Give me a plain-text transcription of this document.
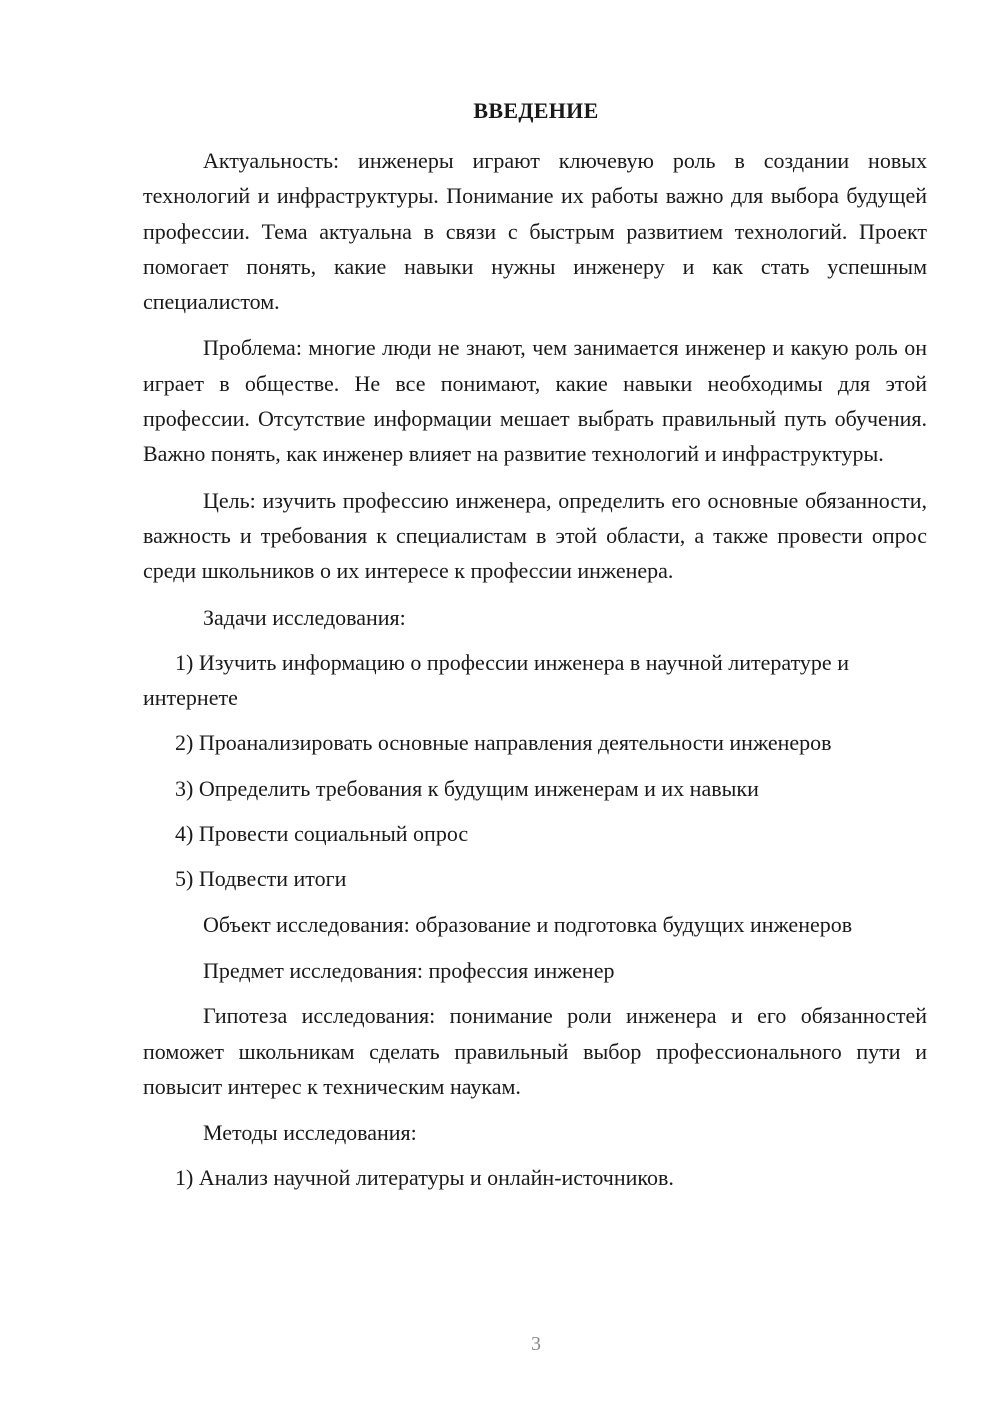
ВВЕДЕНИЕ

Актуальность: инженеры играют ключевую роль в создании новых технологий и инфраструктуры. Понимание их работы важно для выбора будущей профессии. Тема актуальна в связи с быстрым развитием технологий. Проект помогает понять, какие навыки нужны инженеру и как стать успешным специалистом.

Проблема: многие люди не знают, чем занимается инженер и какую роль он играет в обществе. Не все понимают, какие навыки необходимы для этой профессии. Отсутствие информации мешает выбрать правильный путь обучения. Важно понять, как инженер влияет на развитие технологий и инфраструктуры.

Цель: изучить профессию инженера, определить его основные обязанности, важность и требования к специалистам в этой области, а также провести опрос среди школьников о их интересе к профессии инженера.

Задачи исследования:

1) Изучить информацию о профессии инженера в научной литературе и интернете

2) Проанализировать основные направления деятельности инженеров

3) Определить требования к будущим инженерам и их навыки

4) Провести социальный опрос

5) Подвести итоги

Объект исследования: образование и подготовка будущих инженеров

Предмет исследования: профессия инженер

Гипотеза исследования: понимание роли инженера и его обязанностей поможет школьникам сделать правильный выбор профессионального пути и повысит интерес к техническим наукам.

Методы исследования:

1) Анализ научной литературы и онлайн-источников.

3
